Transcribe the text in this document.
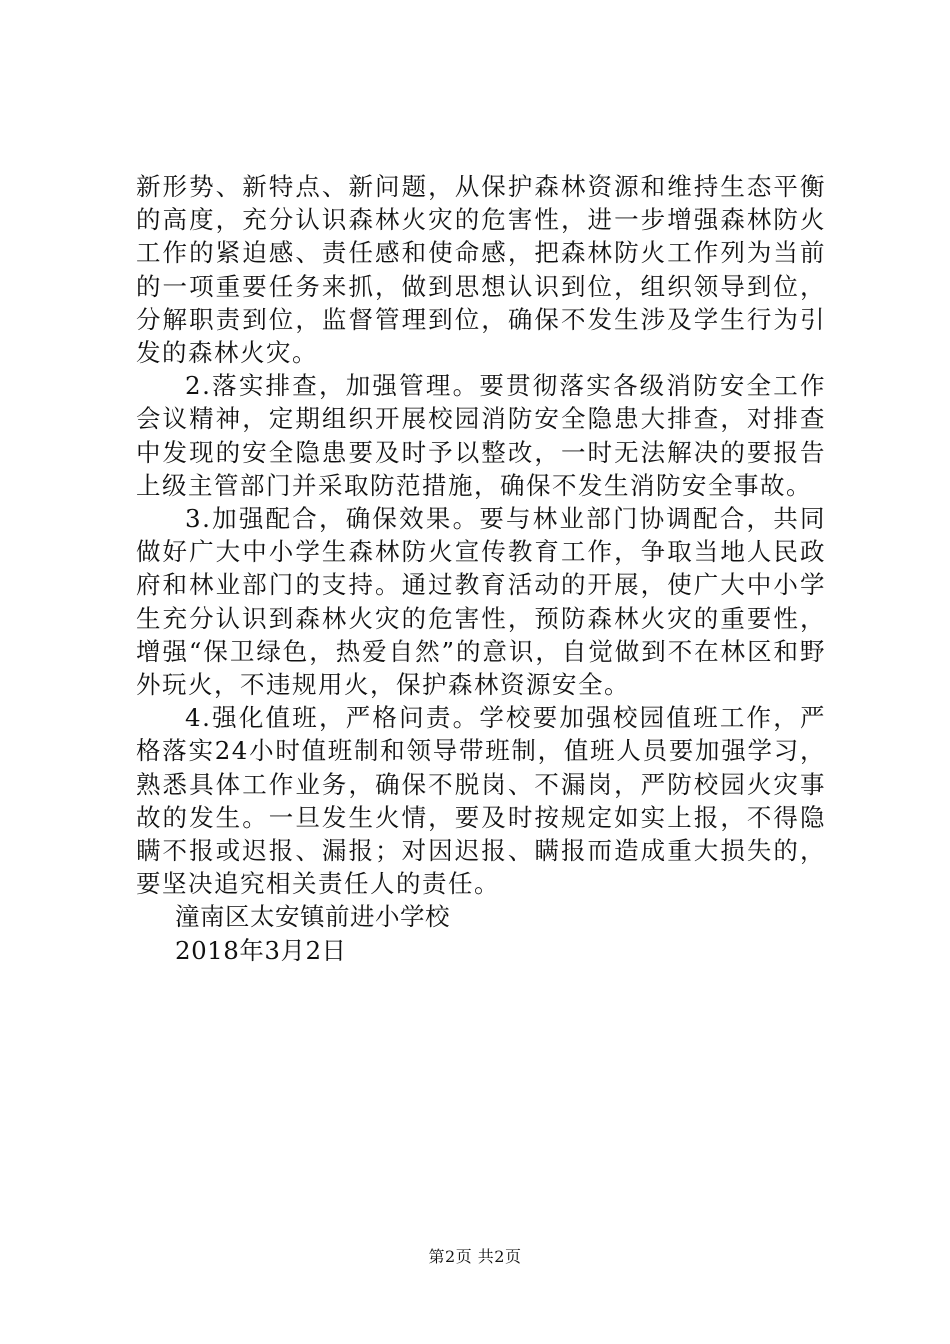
新形势、新特点、新问题，从保护森林资源和维持生态平衡的高度，充分认识森林火灾的危害性，进一步增强森林防火工作的紧迫感、责任感和使命感，把森林防火工作列为当前的一项重要任务来抓，做到思想认识到位，组织领导到位，分解职责到位，监督管理到位，确保不发生涉及学生行为引发的森林火灾。

2.落实排查，加强管理。要贯彻落实各级消防安全工作会议精神，定期组织开展校园消防安全隐患大排查，对排查中发现的安全隐患要及时予以整改，一时无法解决的要报告上级主管部门并采取防范措施，确保不发生消防安全事故。

3.加强配合，确保效果。要与林业部门协调配合，共同做好广大中小学生森林防火宣传教育工作，争取当地人民政府和林业部门的支持。通过教育活动的开展，使广大中小学生充分认识到森林火灾的危害性，预防森林火灾的重要性，增强“保卫绿色，热爱自然”的意识，自觉做到不在林区和野外玩火，不违规用火，保护森林资源安全。

4.强化值班，严格问责。学校要加强校园值班工作，严格落实24小时值班制和领导带班制，值班人员要加强学习，熟悉具体工作业务，确保不脱岗、不漏岗，严防校园火灾事故的发生。一旦发生火情，要及时按规定如实上报，不得隐瞒不报或迟报、漏报；对因迟报、瞒报而造成重大损失的，要坚决追究相关责任人的责任。

潼南区太安镇前进小学校

2018年3月2日

第2页 共2页
